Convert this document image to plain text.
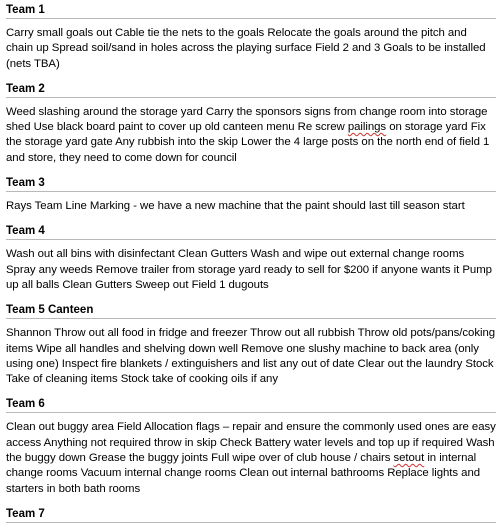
Team 1
Carry small goals out Cable tie the nets to the goals Relocate the goals around the pitch and chain up Spread soil/sand in holes across the playing surface Field 2 and 3 Goals to be installed (nets TBA)
Team 2
Weed slashing around the storage yard Carry the sponsors signs from change room into storage shed Use black board paint to cover up old canteen menu Re screw pailings on storage yard Fix the storage yard gate Any rubbish into the skip Lower the 4 large posts on the north end of field 1 and store, they need to come down for council
Team 3
Rays Team Line Marking - we have a new machine that the paint should last till season start
Team 4
Wash out all bins with disinfectant Clean Gutters Wash and wipe out external change rooms Spray any weeds Remove trailer from storage yard ready to sell for $200 if anyone wants it Pump up all balls Clean Gutters Sweep out Field 1 dugouts
Team 5 Canteen
Shannon Throw out all food in fridge and freezer Throw out all rubbish Throw old pots/pans/coking items Wipe all handles and shelving down well Remove one slushy machine to back area (only using one) Inspect fire blankets / extinguishers and list any out of date Clear out the laundry Stock Take of cleaning items Stock take of cooking oils if any
Team 6
Clean out buggy area Field Allocation flags – repair and ensure the commonly used ones are easy access Anything not required throw in skip Check Battery water levels and top up if required Wash the buggy down Grease the buggy joints Full wipe over of club house / chairs setout in internal change rooms Vacuum internal change rooms Clean out internal bathrooms Replace lights and starters in both bath rooms
Team 7
